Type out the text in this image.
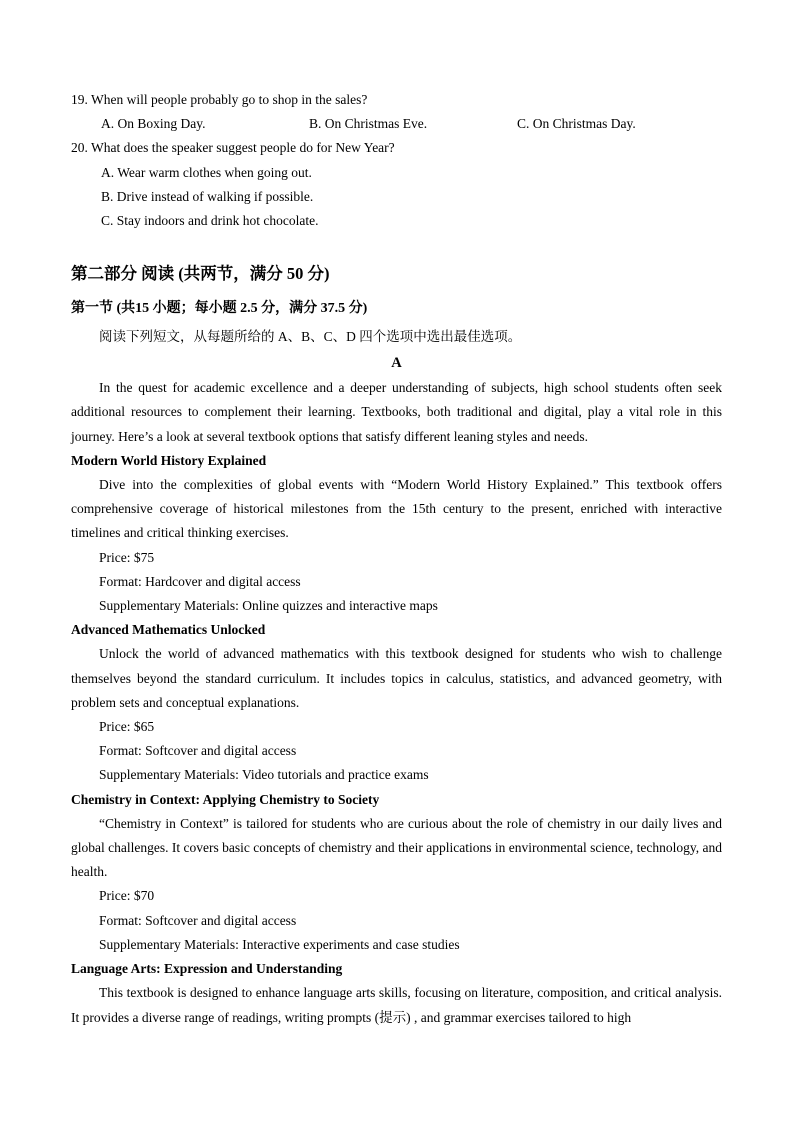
19. When will people probably go to shop in the sales?

A. On Boxing Day.	B. On Christmas Eve.	C. On Christmas Day.

20. What does the speaker suggest people do for New Year?

A. Wear warm clothes when going out.

B. Drive instead of walking if possible.

C. Stay indoors and drink hot chocolate.

第二部分 阅读 (共两节，满分 50 分)
第一节 (共15 小题；每小题 2.5 分，满分 37.5 分)

阅读下列短文，从每题所给的 A、B、C、D 四个选项中选出最佳选项。

A

In the quest for academic excellence and a deeper understanding of subjects, high school students often seek additional resources to complement their learning. Textbooks, both traditional and digital, play a vital role in this journey. Here’s a look at several textbook options that satisfy different leaning styles and needs.

Modern World History Explained

Dive into the complexities of global events with “Modern World History Explained.” This textbook offers comprehensive coverage of historical milestones from the 15th century to the present, enriched with interactive timelines and critical thinking exercises.

Price: $75

Format: Hardcover and digital access

Supplementary Materials: Online quizzes and interactive maps

Advanced Mathematics Unlocked

Unlock the world of advanced mathematics with this textbook designed for students who wish to challenge themselves beyond the standard curriculum. It includes topics in calculus, statistics, and advanced geometry, with problem sets and conceptual explanations.

Price: $65

Format: Softcover and digital access

Supplementary Materials: Video tutorials and practice exams

Chemistry in Context: Applying Chemistry to Society

“Chemistry in Context” is tailored for students who are curious about the role of chemistry in our daily lives and global challenges. It covers basic concepts of chemistry and their applications in environmental science, technology, and health.

Price: $70

Format: Softcover and digital access

Supplementary Materials: Interactive experiments and case studies

Language Arts: Expression and Understanding

This textbook is designed to enhance language arts skills, focusing on literature, composition, and critical analysis. It provides a diverse range of readings, writing prompts (提示) , and grammar exercises tailored to high
